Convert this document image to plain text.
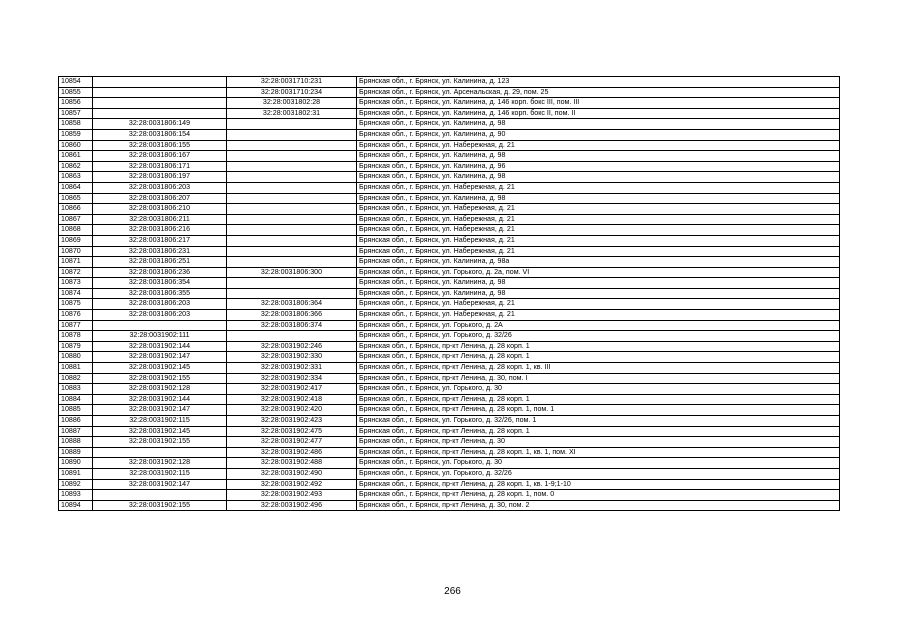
10854		32:28:0031710:231	Брянская обл., г. Брянск, ул. Калинина, д. 123
10855		32:28:0031710:234	Брянская обл., г. Брянск, ул. Арсенальская, д. 29, пом. 25
10856		32:28:0031802:28	Брянская обл., г. Брянск, ул. Калинина, д. 146 корп. бокс III, пом. III
10857		32:28:0031802:31	Брянская обл., г. Брянск, ул. Калинина, д. 146 корп. бокс II, пом. II
10858	32:28:0031806:149		Брянская обл., г. Брянск, ул. Калинина, д. 98
10859	32:28:0031806:154		Брянская обл., г. Брянск, ул. Калинина, д. 90
10860	32:28:0031806:155		Брянская обл., г. Брянск, ул. Набережная, д. 21
10861	32:28:0031806:167		Брянская обл., г. Брянск, ул. Калинина, д. 98
10862	32:28:0031806:171		Брянская обл., г. Брянск, ул. Калинина, д. 96
10863	32:28:0031806:197		Брянская обл., г. Брянск, ул. Калинина, д. 98
10864	32:28:0031806:203		Брянская обл., г. Брянск, ул. Набережная, д. 21
10865	32:28:0031806:207		Брянская обл., г. Брянск, ул. Калинина, д. 98
10866	32:28:0031806:210		Брянская обл., г. Брянск, ул. Набережная, д. 21
10867	32:28:0031806:211		Брянская обл., г. Брянск, ул. Набережная, д. 21
10868	32:28:0031806:216		Брянская обл., г. Брянск, ул. Набережная, д. 21
10869	32:28:0031806:217		Брянская обл., г. Брянск, ул. Набережная, д. 21
10870	32:28:0031806:231		Брянская обл., г. Брянск, ул. Набережная, д. 21
10871	32:28:0031806:251		Брянская обл., г. Брянск, ул. Калинина, д. 98а
10872	32:28:0031806:236	32:28:0031806:300	Брянская обл., г. Брянск, ул. Горького, д. 2а, пом. VI
10873	32:28:0031806:354		Брянская обл., г. Брянск, ул. Калинина, д. 98
10874	32:28:0031806:355		Брянская обл., г. Брянск, ул. Калинина, д. 98
10875	32:28:0031806:203	32:28:0031806:364	Брянская обл., г. Брянск, ул. Набережная, д. 21
10876	32:28:0031806:203	32:28:0031806:366	Брянская обл., г. Брянск, ул. Набережная, д. 21
10877		32:28:0031806:374	Брянская обл., г. Брянск, ул. Горького, д. 2А
10878	32:28:0031902:111		Брянская обл., г. Брянск, ул. Горького, д. 32/26
10879	32:28:0031902:144	32:28:0031902:246	Брянская обл., г. Брянск, пр-кт Ленина, д. 28 корп. 1
10880	32:28:0031902:147	32:28:0031902:330	Брянская обл., г. Брянск, пр-кт Ленина, д. 28 корп. 1
10881	32:28:0031902:145	32:28:0031902:331	Брянская обл., г. Брянск, пр-кт Ленина, д. 28 корп. 1, кв. III
10882	32:28:0031902:155	32:28:0031902:334	Брянская обл., г. Брянск, пр-кт Ленина, д. 30, пом. I
10883	32:28:0031902:128	32:28:0031902:417	Брянская обл., г. Брянск, ул. Горького, д. 30
10884	32:28:0031902:144	32:28:0031902:418	Брянская обл., г. Брянск, пр-кт Ленина, д. 28 корп. 1
10885	32:28:0031902:147	32:28:0031902:420	Брянская обл., г. Брянск, пр-кт Ленина, д. 28 корп. 1, пом. 1
10886	32:28:0031902:115	32:28:0031902:423	Брянская обл., г. Брянск, ул. Горького, д. 32/26, пом. 1
10887	32:28:0031902:145	32:28:0031902:475	Брянская обл., г. Брянск, пр-кт Ленина, д. 28 корп. 1
10888	32:28:0031902:155	32:28:0031902:477	Брянская обл., г. Брянск, пр-кт Ленина, д. 30
10889		32:28:0031902:486	Брянская обл., г. Брянск, пр-кт Ленина, д. 28 корп. 1, кв. 1, пом. XI
10890	32:28:0031902:128	32:28:0031902:488	Брянская обл., г. Брянск, ул. Горького, д. 30
10891	32:28:0031902:115	32:28:0031902:490	Брянская обл., г. Брянск, ул. Горького, д. 32/26
10892	32:28:0031902:147	32:28:0031902:492	Брянская обл., г. Брянск, пр-кт Ленина, д. 28 корп. 1, кв. 1-9;1-10
10893		32:28:0031902:493	Брянская обл., г. Брянск, пр-кт Ленина, д. 28 корп. 1, пом. 0
10894	32:28:0031902:155	32:28:0031902:496	Брянская обл., г. Брянск, пр-кт Ленина, д. 30, пом. 2
266
